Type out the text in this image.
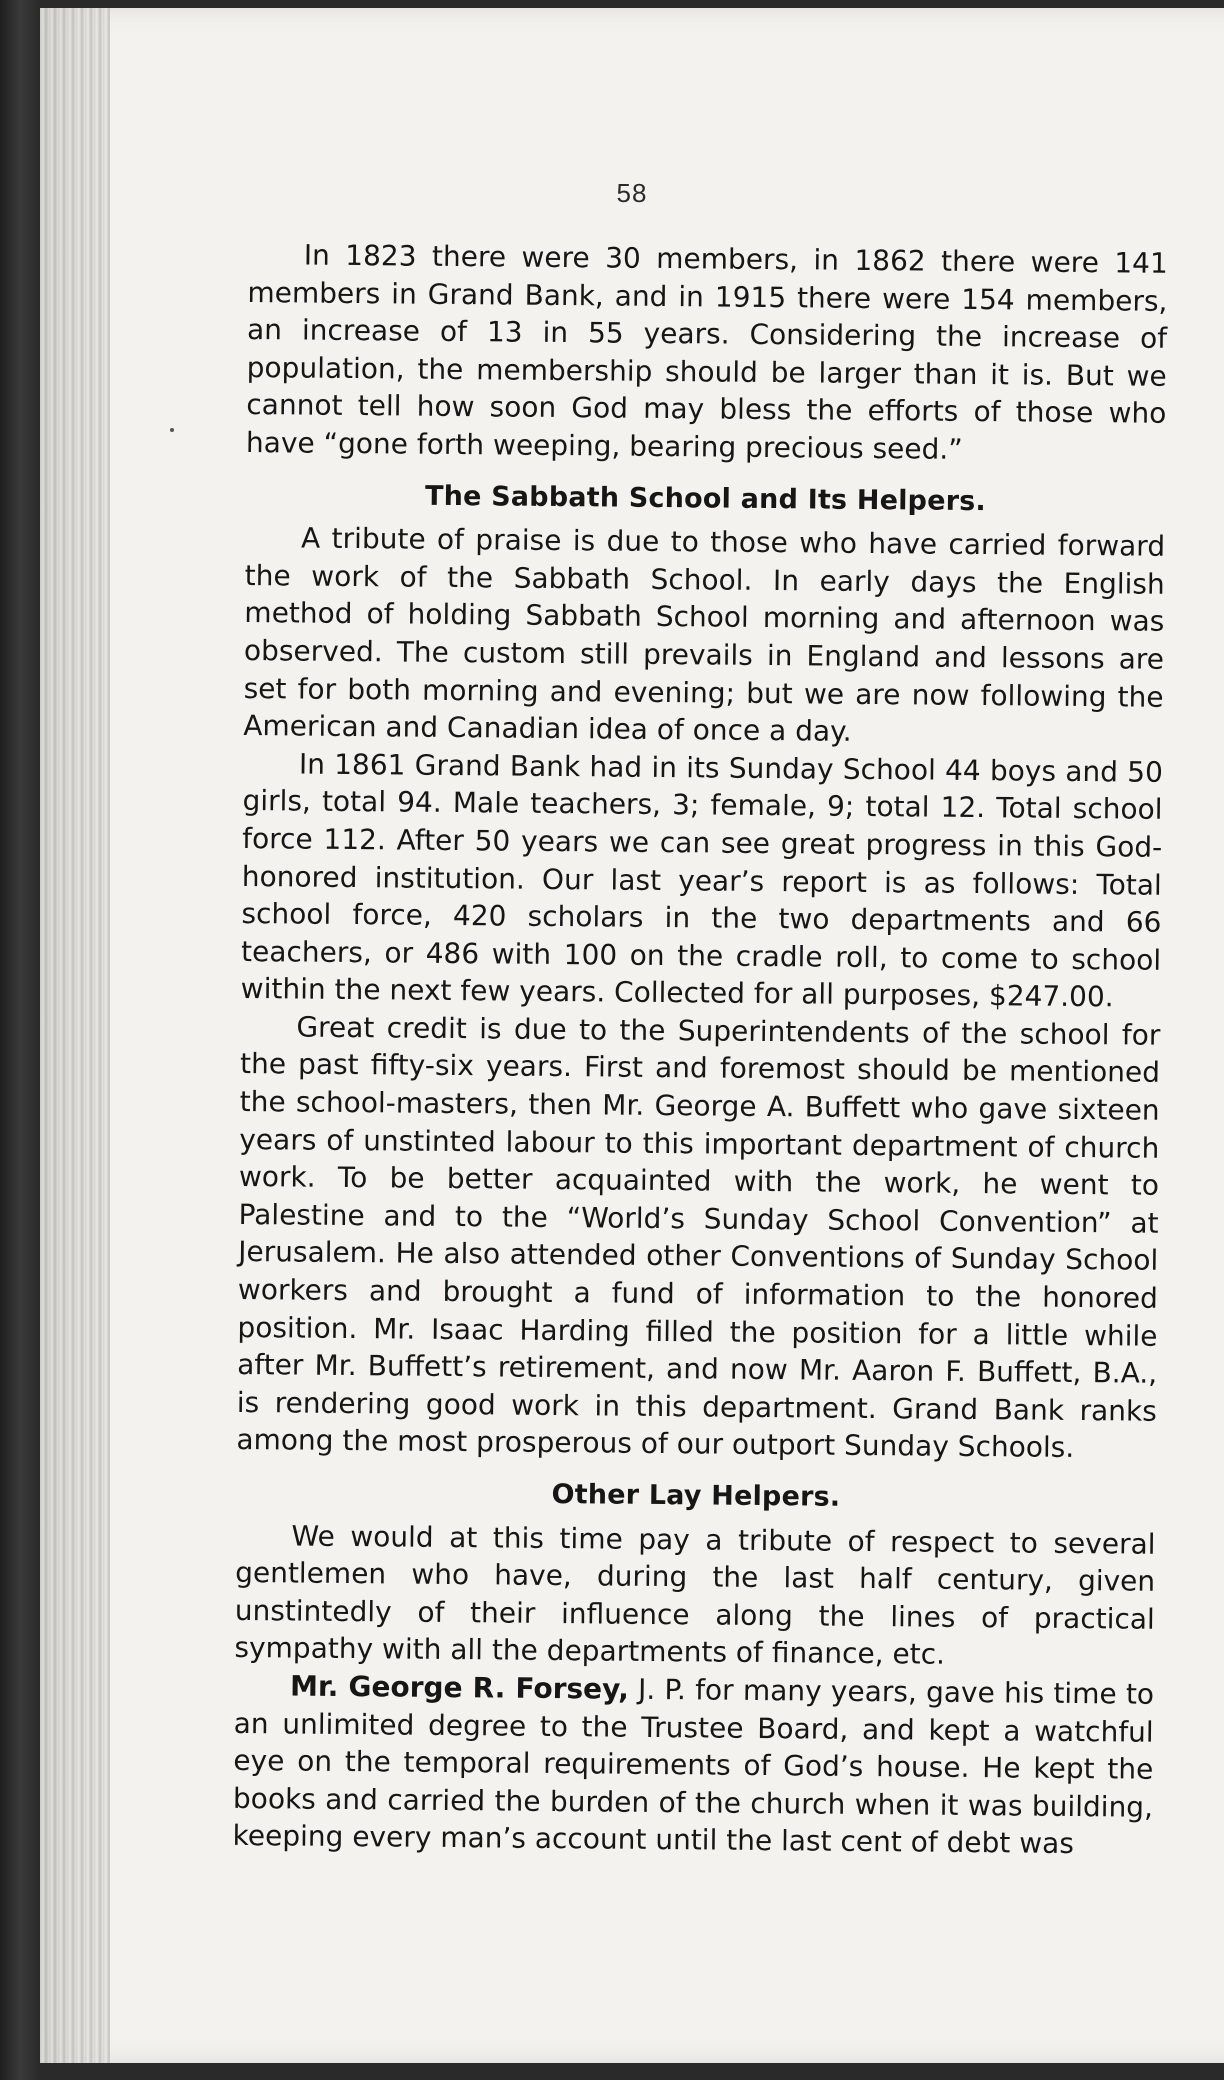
58

In 1823 there were 30 members, in 1862 there were 141 members in Grand Bank, and in 1915 there were 154 members, an increase of 13 in 55 years. Considering the increase of population, the membership should be larger than it is. But we cannot tell how soon God may bless the efforts of those who have “gone forth weeping, bearing precious seed.”

The Sabbath School and Its Helpers.

A tribute of praise is due to those who have carried forward the work of the Sabbath School. In early days the English method of holding Sabbath School morning and afternoon was observed. The custom still prevails in England and lessons are set for both morning and evening; but we are now following the American and Canadian idea of once a day.

In 1861 Grand Bank had in its Sunday School 44 boys and 50 girls, total 94. Male teachers, 3; female, 9; total 12. Total school force 112. After 50 years we can see great progress in this God-honored institution. Our last year’s report is as follows: Total school force, 420 scholars in the two departments and 66 teachers, or 486 with 100 on the cradle roll, to come to school within the next few years. Collected for all purposes, $247.00.

Great credit is due to the Superintendents of the school for the past fifty-six years. First and foremost should be mentioned the school-masters, then Mr. George A. Buffett who gave sixteen years of unstinted labour to this important department of church work. To be better acquainted with the work, he went to Palestine and to the “World’s Sunday School Convention” at Jerusalem. He also attended other Conventions of Sunday School workers and brought a fund of information to the honored position. Mr. Isaac Harding filled the position for a little while after Mr. Buffett’s retirement, and now Mr. Aaron F. Buffett, B.A., is rendering good work in this department. Grand Bank ranks among the most prosperous of our outport Sunday Schools.

Other Lay Helpers.

We would at this time pay a tribute of respect to several gentlemen who have, during the last half century, given unstintedly of their influence along the lines of practical sympathy with all the departments of finance, etc.

Mr. George R. Forsey, J. P. for many years, gave his time to an unlimited degree to the Trustee Board, and kept a watchful eye on the temporal requirements of God’s house. He kept the books and carried the burden of the church when it was building, keeping every man’s account until the last cent of debt was
